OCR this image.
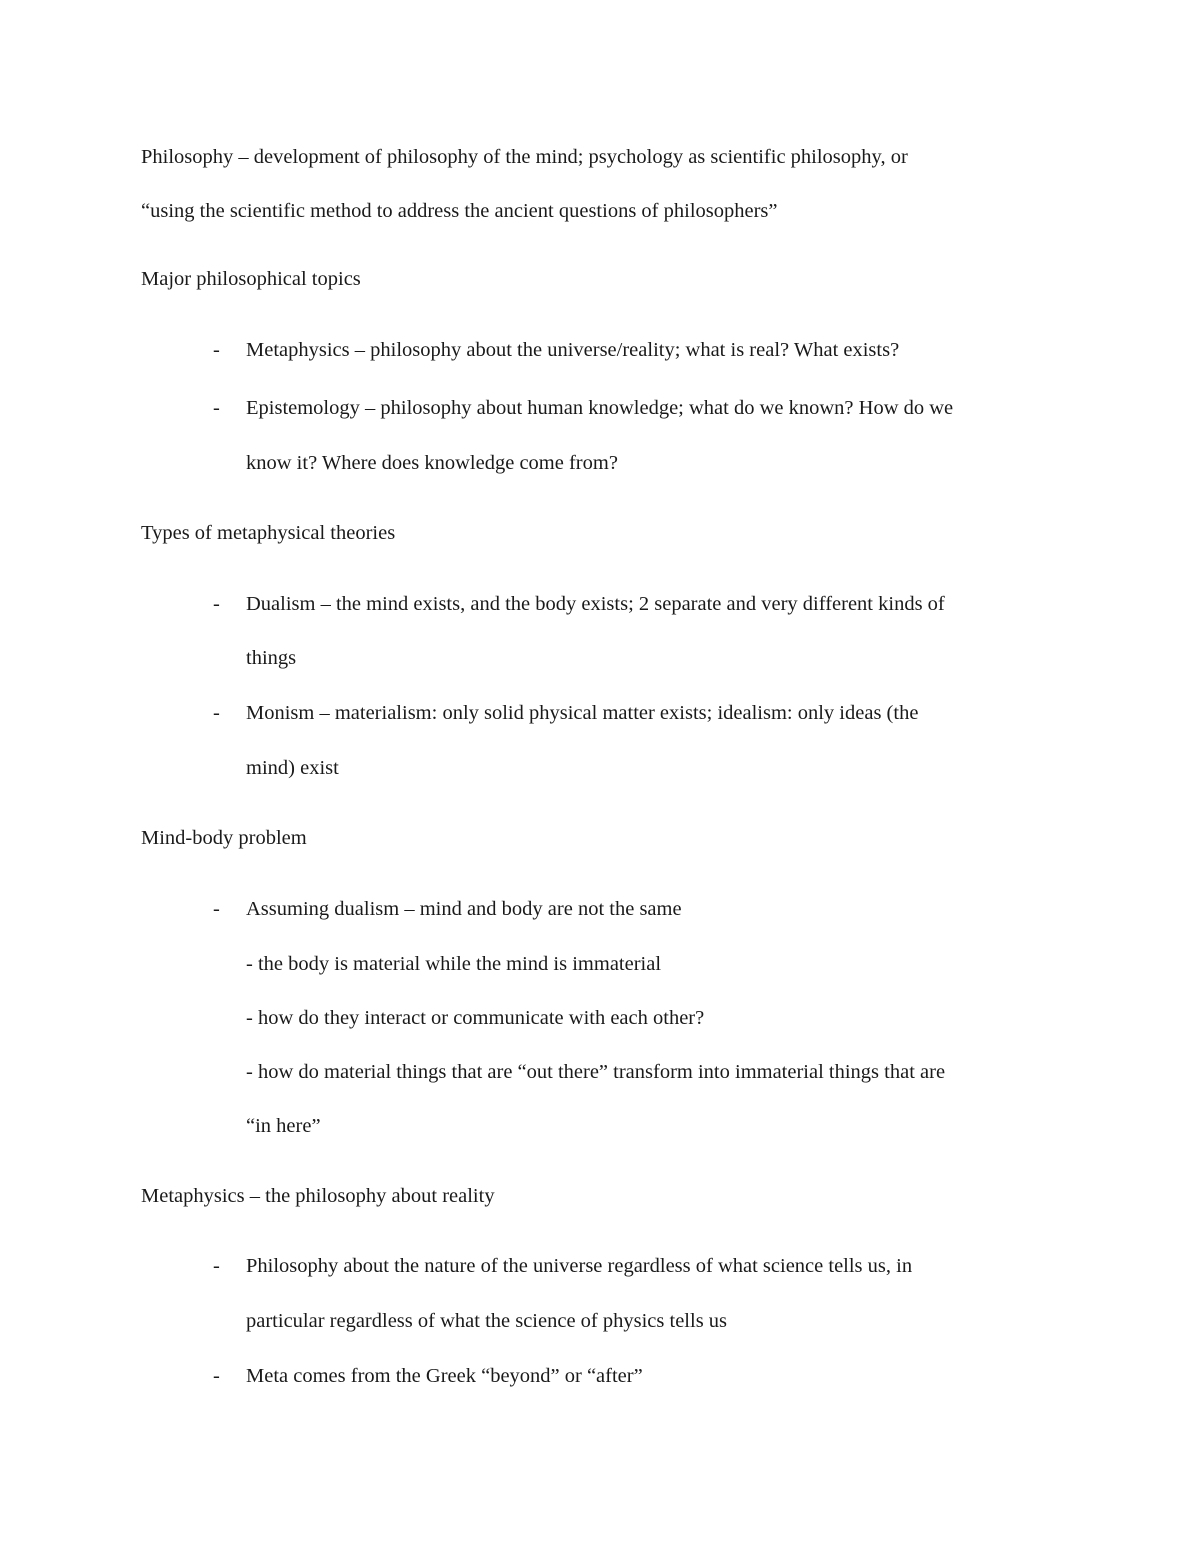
Philosophy – development of philosophy of the mind; psychology as scientific philosophy, or
“using the scientific method to address the ancient questions of philosophers”
Major philosophical topics
- Metaphysics – philosophy about the universe/reality; what is real? What exists?
- Epistemology – philosophy about human knowledge; what do we known? How do we
know it? Where does knowledge come from?
Types of metaphysical theories
- Dualism – the mind exists, and the body exists; 2 separate and very different kinds of
things
- Monism – materialism: only solid physical matter exists; idealism: only ideas (the
mind) exist
Mind-body problem
- Assuming dualism – mind and body are not the same
- the body is material while the mind is immaterial
- how do they interact or communicate with each other?
- how do material things that are “out there” transform into immaterial things that are
“in here”
Metaphysics – the philosophy about reality
- Philosophy about the nature of the universe regardless of what science tells us, in
particular regardless of what the science of physics tells us
- Meta comes from the Greek “beyond” or “after”
